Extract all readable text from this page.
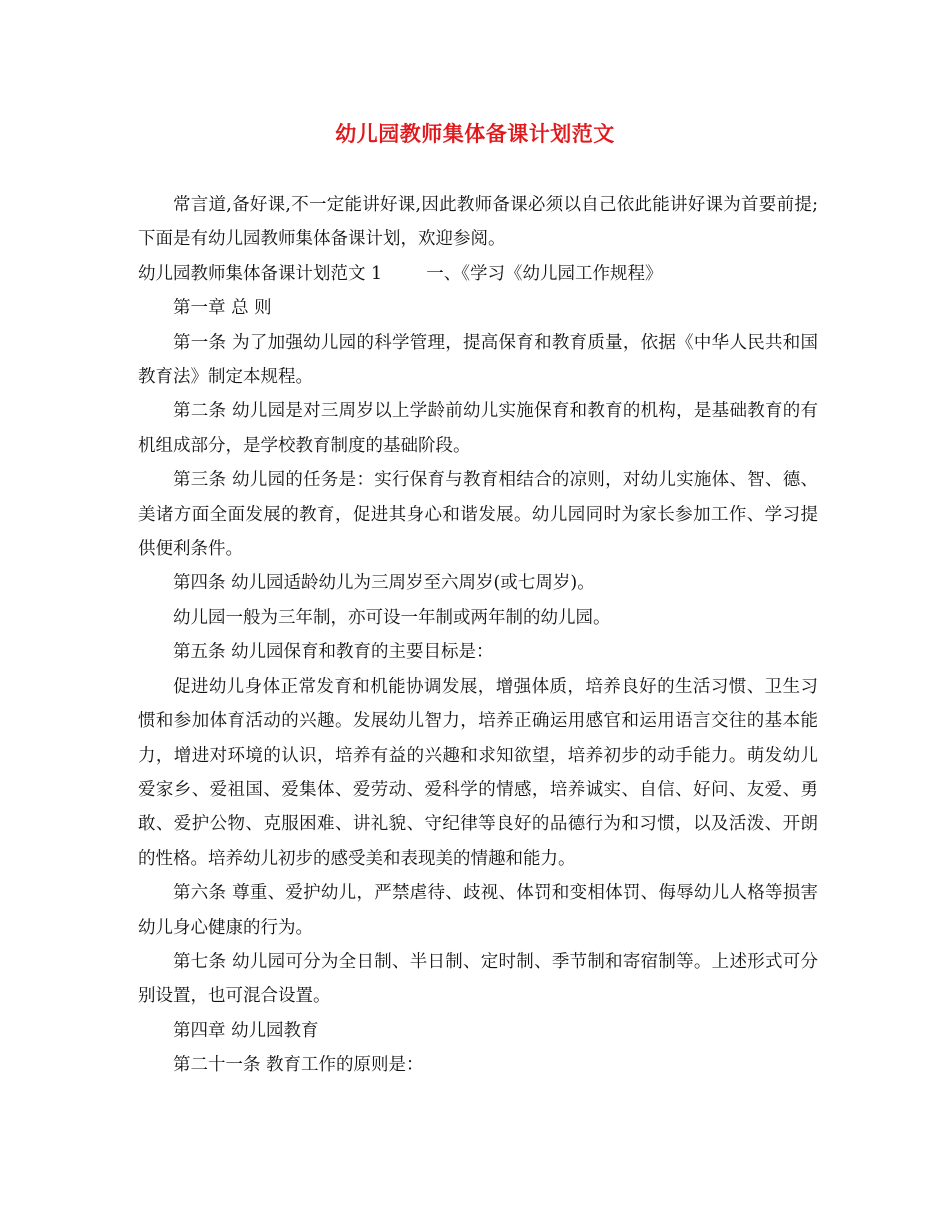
幼儿园教师集体备课计划范文

常言道,备好课,不一定能讲好课,因此教师备课必须以自己依此能讲好课为首要前提;下面是有幼儿园教师集体备课计划，欢迎参阅。

幼儿园教师集体备课计划范文 1	一、《学习《幼儿园工作规程》

第一章 总 则

第一条 为了加强幼儿园的科学管理，提高保育和教育质量，依据《中华人民共和国教育法》制定本规程。

第二条 幼儿园是对三周岁以上学龄前幼儿实施保育和教育的机构，是基础教育的有机组成部分，是学校教育制度的基础阶段。

第三条 幼儿园的任务是：实行保育与教育相结合的凉则，对幼儿实施体、智、德、美诸方面全面发展的教育，促进其身心和谐发展。幼儿园同时为家长参加工作、学习提供便利条件。

第四条 幼儿园适龄幼儿为三周岁至六周岁(或七周岁)。

幼儿园一般为三年制，亦可设一年制或两年制的幼儿园。

第五条 幼儿园保育和教育的主要目标是：

促进幼儿身体正常发育和机能协调发展，增强体质，培养良好的生活习惯、卫生习惯和参加体育活动的兴趣。发展幼儿智力，培养正确运用感官和运用语言交往的基本能力，增进对环境的认识，培养有益的兴趣和求知欲望，培养初步的动手能力。萌发幼儿爱家乡、爱祖国、爱集体、爱劳动、爱科学的情感，培养诚实、自信、好问、友爱、勇敢、爱护公物、克服困难、讲礼貌、守纪律等良好的品德行为和习惯，以及活泼、开朗的性格。培养幼儿初步的感受美和表现美的情趣和能力。

第六条 尊重、爱护幼儿，严禁虐待、歧视、体罚和变相体罚、侮辱幼儿人格等损害幼儿身心健康的行为。

第七条 幼儿园可分为全日制、半日制、定时制、季节制和寄宿制等。上述形式可分别设置，也可混合设置。

第四章 幼儿园教育

第二十一条 教育工作的原则是：
